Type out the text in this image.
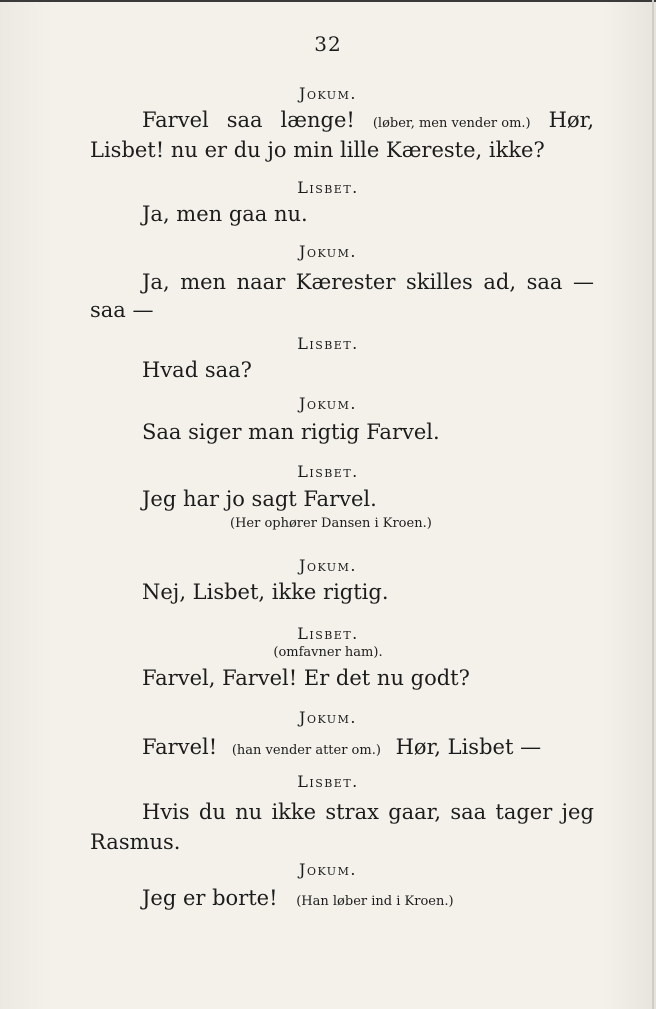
32
Jokum.
Farvel saa længe! (løber, men vender om.) Hør,
Lisbet! nu er du jo min lille Kæreste, ikke?
Lisbet.
Ja, men gaa nu.
Jokum.
Ja, men naar Kærester skilles ad, saa —
saa —
Lisbet.
Hvad saa?
Jokum.
Saa siger man rigtig Farvel.
Lisbet.
Jeg har jo sagt Farvel.
(Her ophører Dansen i Kroen.)
Jokum.
Nej, Lisbet, ikke rigtig.
Lisbet.
(omfavner ham).
Farvel, Farvel! Er det nu godt?
Jokum.
Farvel! (han vender atter om.) Hør, Lisbet —
Lisbet.
Hvis du nu ikke strax gaar, saa tager jeg
Rasmus.
Jokum.
Jeg er borte! (Han løber ind i Kroen.)
